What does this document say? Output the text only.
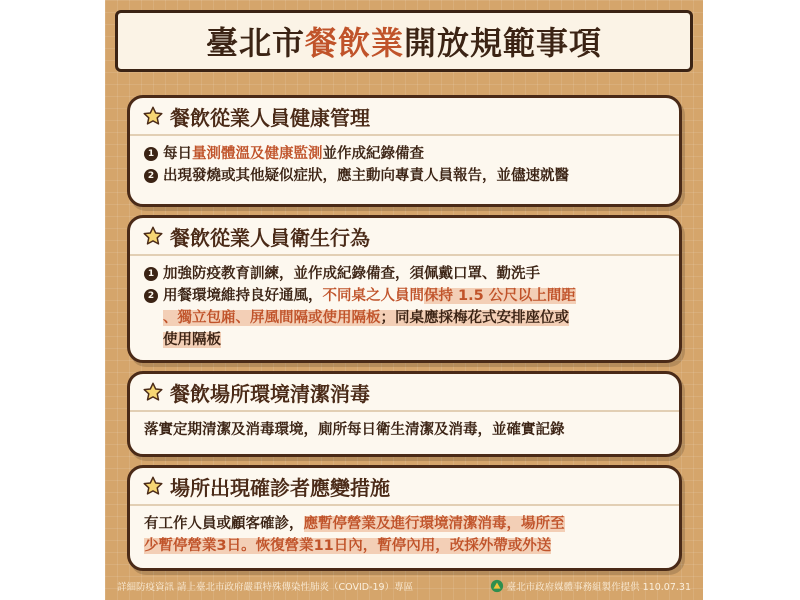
臺北市 餐飲業 開放規範事項
餐飲從業人員健康管理
1 每日量測體溫及健康監測並作成紀錄備查
2 出現發燒或其他疑似症狀，應主動向專責人員報告，並儘速就醫
餐飲從業人員衛生行為
1 加強防疫教育訓練，並作成紀錄備查，須佩戴口罩、勤洗手
2 用餐環境維持良好通風，不同桌之人員間保持 1.5 公尺以上間距
、獨立包廂、屏風間隔或使用隔板；同桌應採梅花式安排座位或
使用隔板
餐飲場所環境清潔消毒
落實定期清潔及消毒環境，廁所每日衛生清潔及消毒，並確實記錄
場所出現確診者應變措施
有工作人員或顧客確診，應暫停營業及進行環境清潔消毒，場所至
少暫停營業3日。恢復營業11日內，暫停內用，改採外帶或外送
詳細防疫資訊 請上臺北市政府嚴重特殊傳染性肺炎（COVID-19）專區	臺北市政府媒體事務組製作提供 110.07.31
